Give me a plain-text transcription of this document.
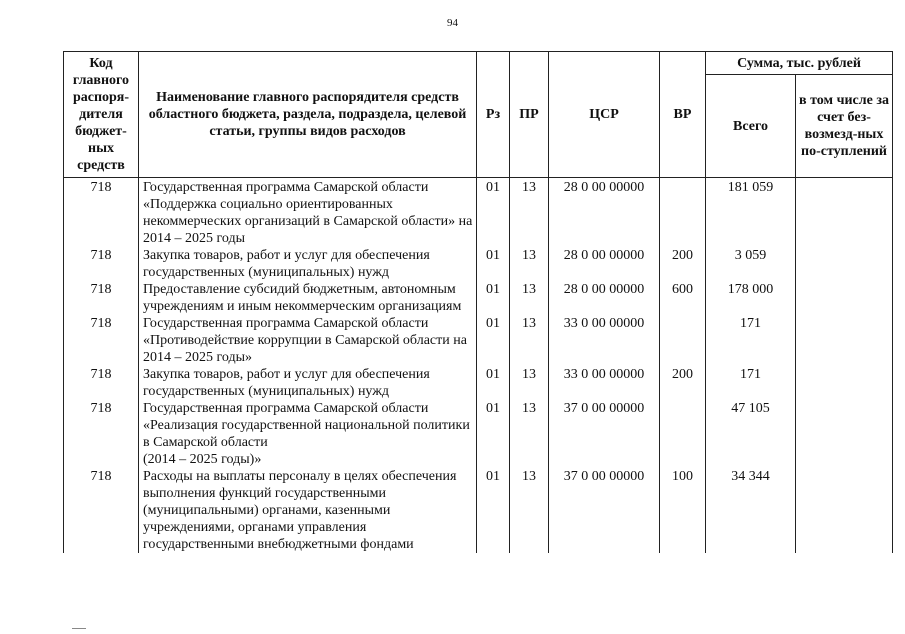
94
Код главного распоря-дителя бюджет-ных средств	Наименование главного распорядителя средств областного бюджета, раздела, подраздела, целевой статьи, группы видов расходов	Рз	ПР	ЦСР	ВР	Сумма, тыс. рублей	
						Всего	в том числе за счет без-возмезд-ных по-ступлений
718	Государственная программа Самарской области «Поддержка социально ориентированных некоммерческих организаций в Самарской области» на 2014 – 2025 годы	01	13	28 0 00 00000		181 059	
718	Закупка товаров, работ и услуг для обеспечения государственных (муниципальных) нужд	01	13	28 0 00 00000	200	3 059	
718	Предоставление субсидий бюджетным, автономным учреждениям и иным некоммерческим организациям	01	13	28 0 00 00000	600	178 000	
718	Государственная программа Самарской области «Противодействие коррупции в Самарской области на 2014 – 2025 годы»	01	13	33 0 00 00000		171	
718	Закупка товаров, работ и услуг для обеспечения государственных (муниципальных) нужд	01	13	33 0 00 00000	200	171	
718	Государственная программа Самарской области «Реализация государственной национальной политики в Самарской области
(2014 – 2025 годы)»	01	13	37 0 00 00000		47 105	
718	Расходы на выплаты персоналу в целях обеспечения выполнения функций государственными (муниципальными) органами, казенными учреждениями, органами управления государственными внебюджетными фондами	01	13	37 0 00 00000	100	34 344	
